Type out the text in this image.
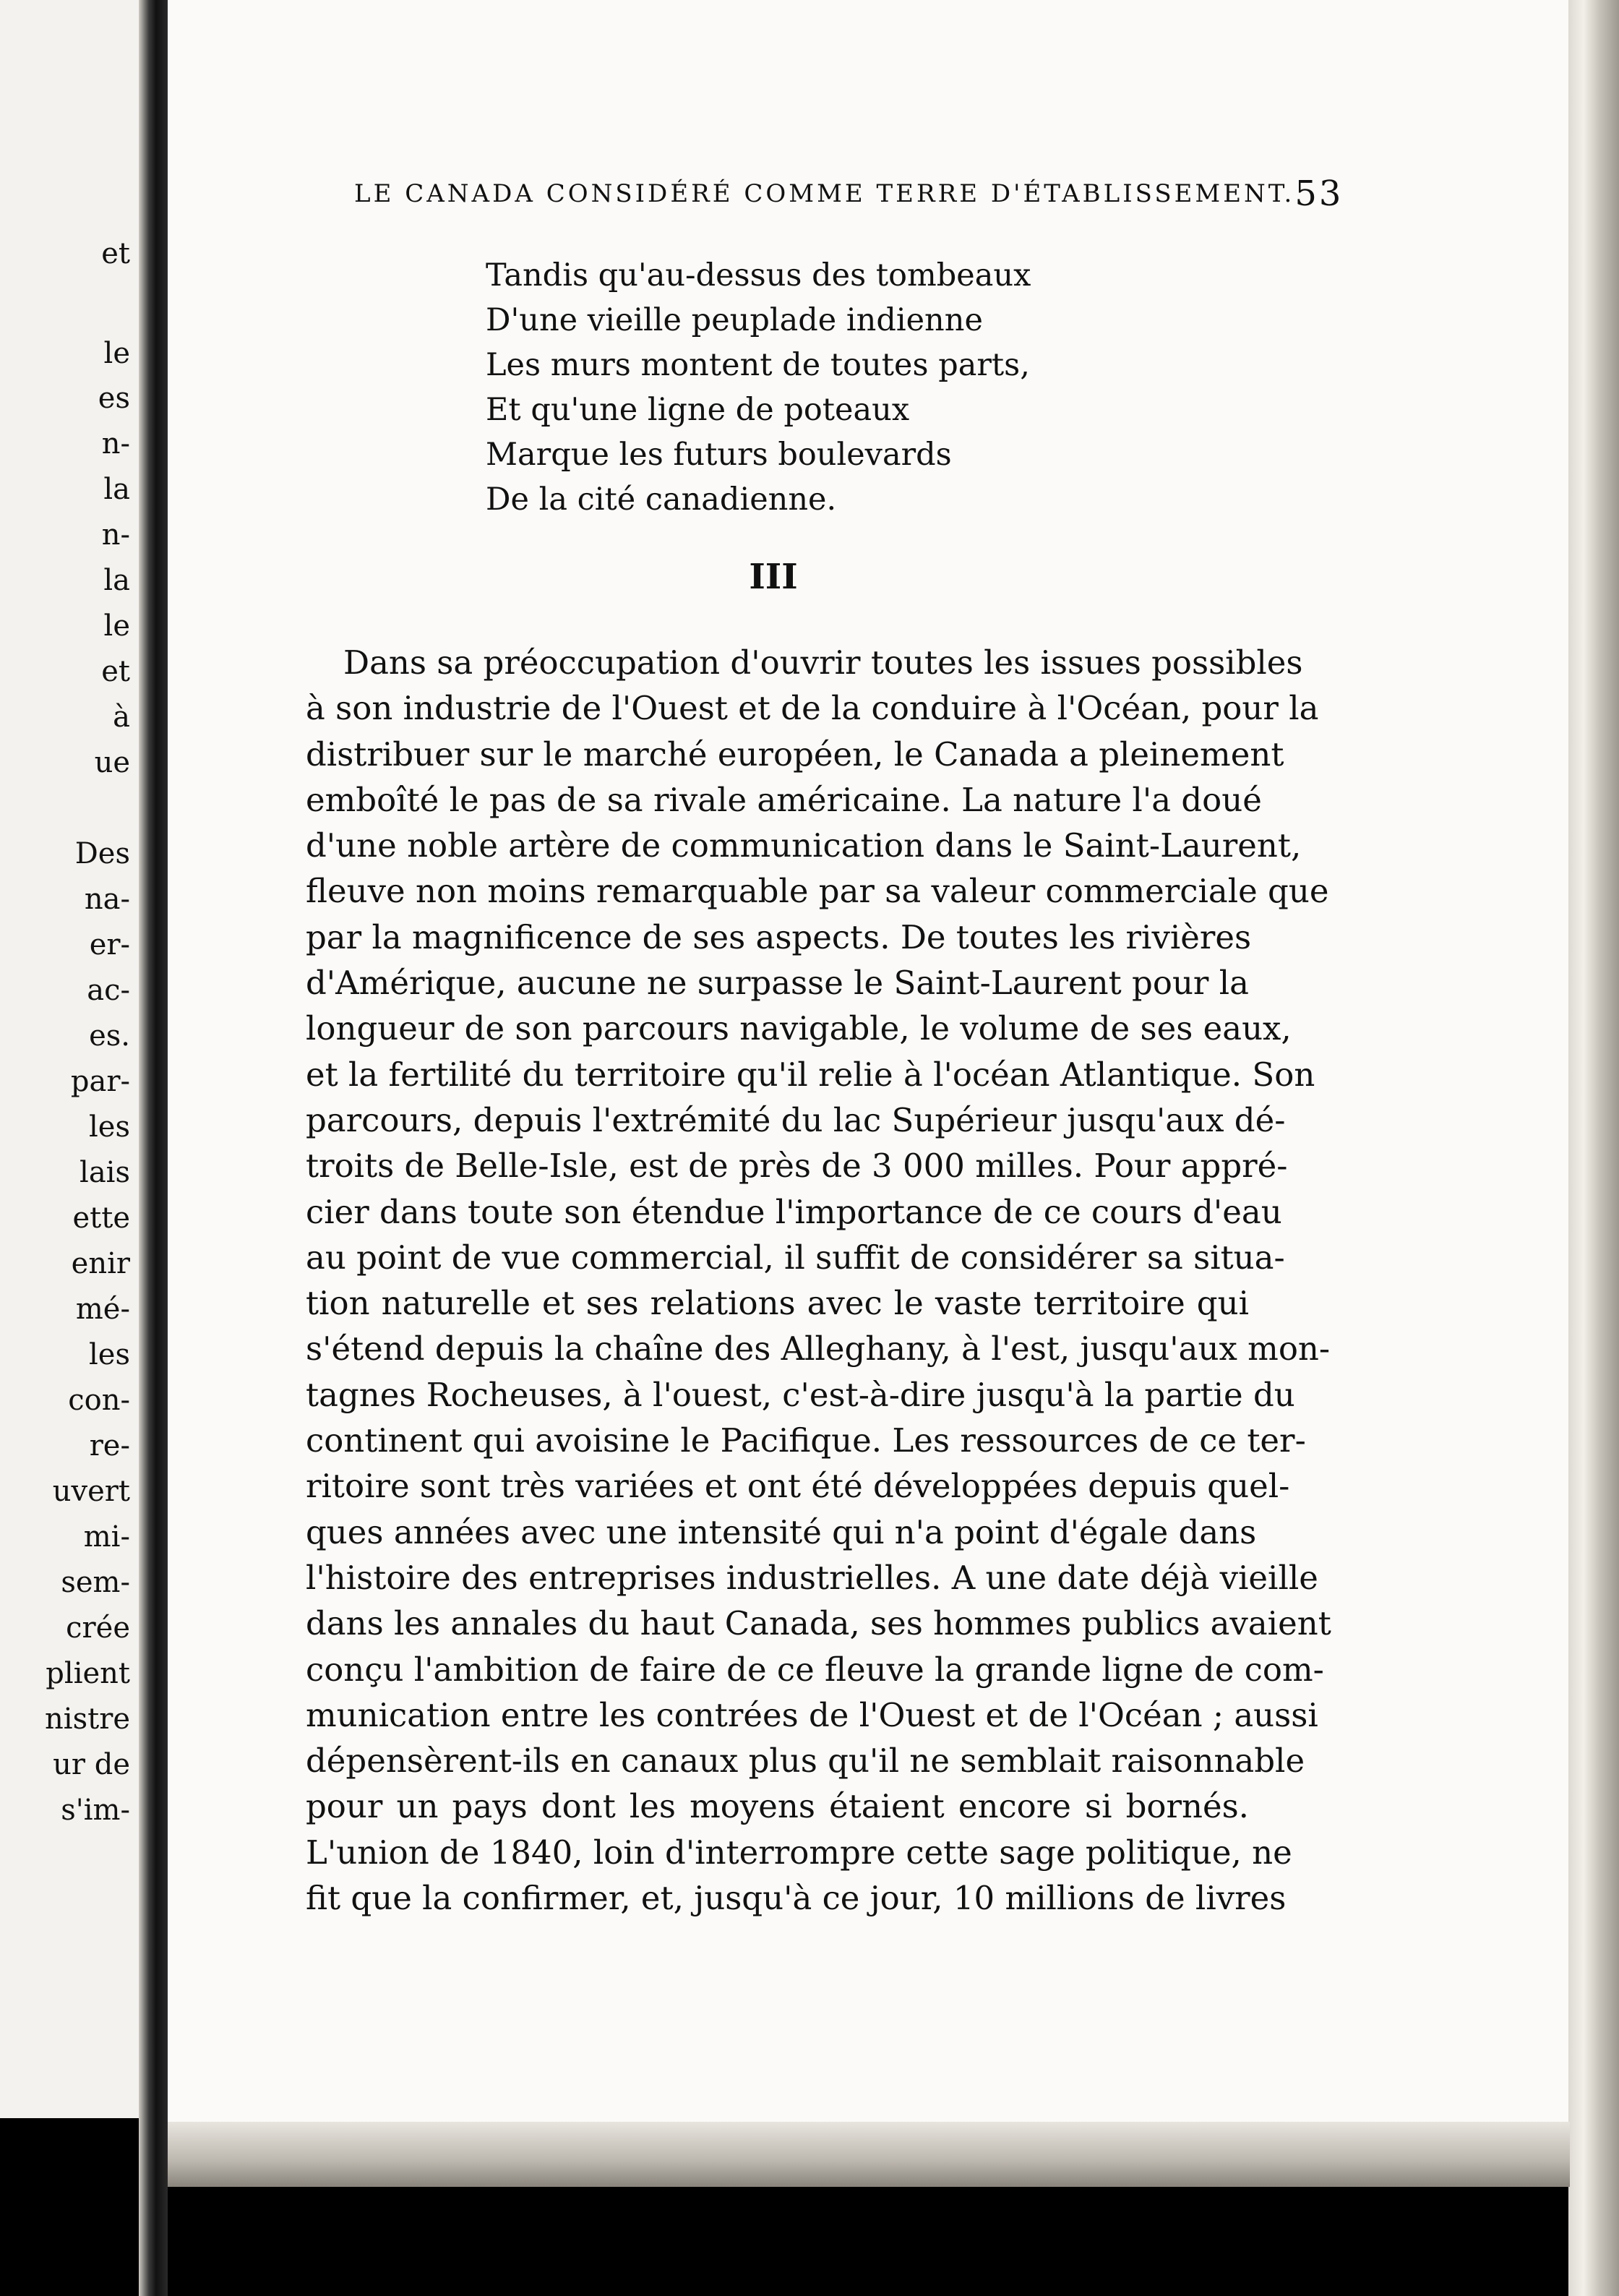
et
le
es
n-
la
n-
la
le
et
à
ue
Des
na-
er-
ac-
es.
par-
les
lais
ette
enir
mé-
les
con-
re-
uvert
mi-
sem-
crée
plient
nistre
ur de
s'im-
LE CANADA CONSIDÉRÉ COMME TERRE D'ÉTABLISSEMENT. 53
Tandis qu'au-dessus des tombeaux
D'une vieille peuplade indienne
Les murs montent de toutes parts,
Et qu'une ligne de poteaux
Marque les futurs boulevards
De la cité canadienne.
III
Dans sa préoccupation d'ouvrir toutes les issues possibles
à son industrie de l'Ouest et de la conduire à l'Océan, pour la
distribuer sur le marché européen, le Canada a pleinement
emboîté le pas de sa rivale américaine. La nature l'a doué
d'une noble artère de communication dans le Saint-Laurent,
fleuve non moins remarquable par sa valeur commerciale que
par la magnificence de ses aspects. De toutes les rivières
d'Amérique, aucune ne surpasse le Saint-Laurent pour la
longueur de son parcours navigable, le volume de ses eaux,
et la fertilité du territoire qu'il relie à l'océan Atlantique. Son
parcours, depuis l'extrémité du lac Supérieur jusqu'aux dé-
troits de Belle-Isle, est de près de 3 000 milles. Pour appré-
cier dans toute son étendue l'importance de ce cours d'eau
au point de vue commercial, il suffit de considérer sa situa-
tion naturelle et ses relations avec le vaste territoire qui
s'étend depuis la chaîne des Alleghany, à l'est, jusqu'aux mon-
tagnes Rocheuses, à l'ouest, c'est-à-dire jusqu'à la partie du
continent qui avoisine le Pacifique. Les ressources de ce ter-
ritoire sont très variées et ont été développées depuis quel-
ques années avec une intensité qui n'a point d'égale dans
l'histoire des entreprises industrielles. A une date déjà vieille
dans les annales du haut Canada, ses hommes publics avaient
conçu l'ambition de faire de ce fleuve la grande ligne de com-
munication entre les contrées de l'Ouest et de l'Océan ; aussi
dépensèrent-ils en canaux plus qu'il ne semblait raisonnable
pour un pays dont les moyens étaient encore si bornés.
L'union de 1840, loin d'interrompre cette sage politique, ne
fit que la confirmer, et, jusqu'à ce jour, 10 millions de livres
